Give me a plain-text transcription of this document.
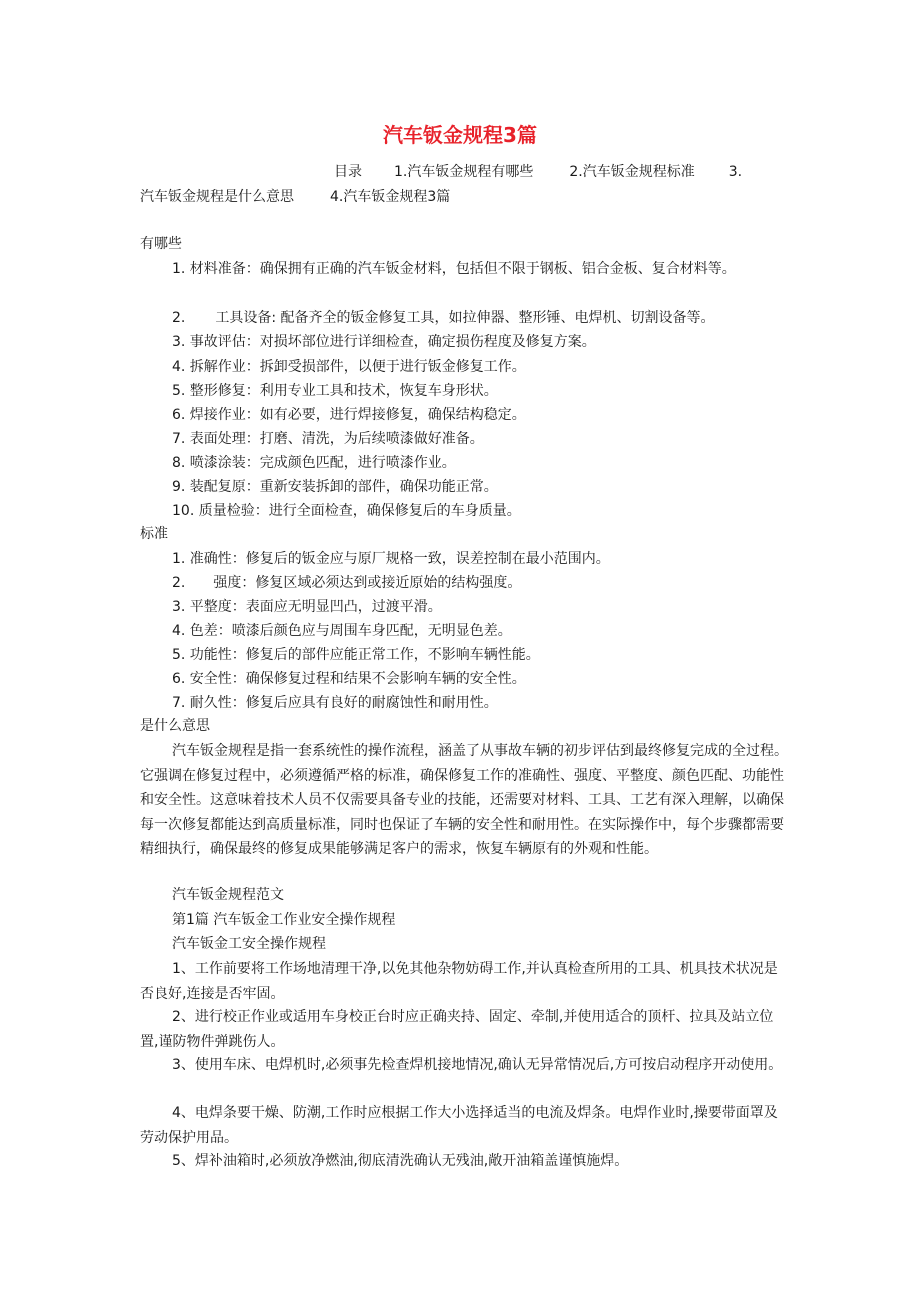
汽车钣金规程3篇
目录 1.汽车钣金规程有哪些	2.汽车钣金规程标准 3.
汽车钣金规程是什么意思	4.汽车钣金规程3篇
有哪些
1. 材料准备：确保拥有正确的汽车钣金材料，包括但不限于钢板、铝合金板、复合材料等。
2. 工具设备: 配备齐全的钣金修复工具，如拉伸器、整形锤、电焊机、切割设备等。
3. 事故评估：对损坏部位进行详细检查，确定损伤程度及修复方案。
4. 拆解作业：拆卸受损部件，以便于进行钣金修复工作。
5. 整形修复：利用专业工具和技术，恢复车身形状。
6. 焊接作业：如有必要，进行焊接修复，确保结构稳定。
7. 表面处理：打磨、清洗，为后续喷漆做好准备。
8. 喷漆涂装：完成颜色匹配，进行喷漆作业。
9. 装配复原：重新安装拆卸的部件，确保功能正常。
10. 质量检验：进行全面检查，确保修复后的车身质量。
标准
1. 准确性：修复后的钣金应与原厂规格一致，误差控制在最小范围内。
2. 强度：修复区域必须达到或接近原始的结构强度。
3. 平整度：表面应无明显凹凸，过渡平滑。
4. 色差：喷漆后颜色应与周围车身匹配，无明显色差。
5. 功能性：修复后的部件应能正常工作，不影响车辆性能。
6. 安全性：确保修复过程和结果不会影响车辆的安全性。
7. 耐久性：修复后应具有良好的耐腐蚀性和耐用性。
是什么意思
汽车钣金规程是指一套系统性的操作流程，涵盖了从事故车辆的初步评估到最终修复完成的全过程。它强调在修复过程中，必须遵循严格的标准，确保修复工作的准确性、强度、平整度、颜色匹配、功能性和安全性。这意味着技术人员不仅需要具备专业的技能，还需要对材料、工具、工艺有深入理解，以确保每一次修复都能达到高质量标准，同时也保证了车辆的安全性和耐用性。在实际操作中，每个步骤都需要精细执行，确保最终的修复成果能够满足客户的需求，恢复车辆原有的外观和性能。
汽车钣金规程范文
第1篇 汽车钣金工作业安全操作规程
汽车钣金工安全操作规程
1、工作前要将工作场地清理干净,以免其他杂物妨碍工作,并认真检查所用的工具、机具技术状况是否良好,连接是否牢固。
2、进行校正作业或适用车身校正台时应正确夹持、固定、牵制,并使用适合的顶杆、拉具及站立位置,谨防物件弹跳伤人。
3、使用车床、电焊机时,必须事先检查焊机接地情况,确认无异常情况后,方可按启动程序开动使用。
4、电焊条要干燥、防潮,工作时应根据工作大小选择适当的电流及焊条。电焊作业时,操要带面罩及劳动保护用品。
5、焊补油箱时,必须放净燃油,彻底清洗确认无残油,敞开油箱盖谨慎施焊。
